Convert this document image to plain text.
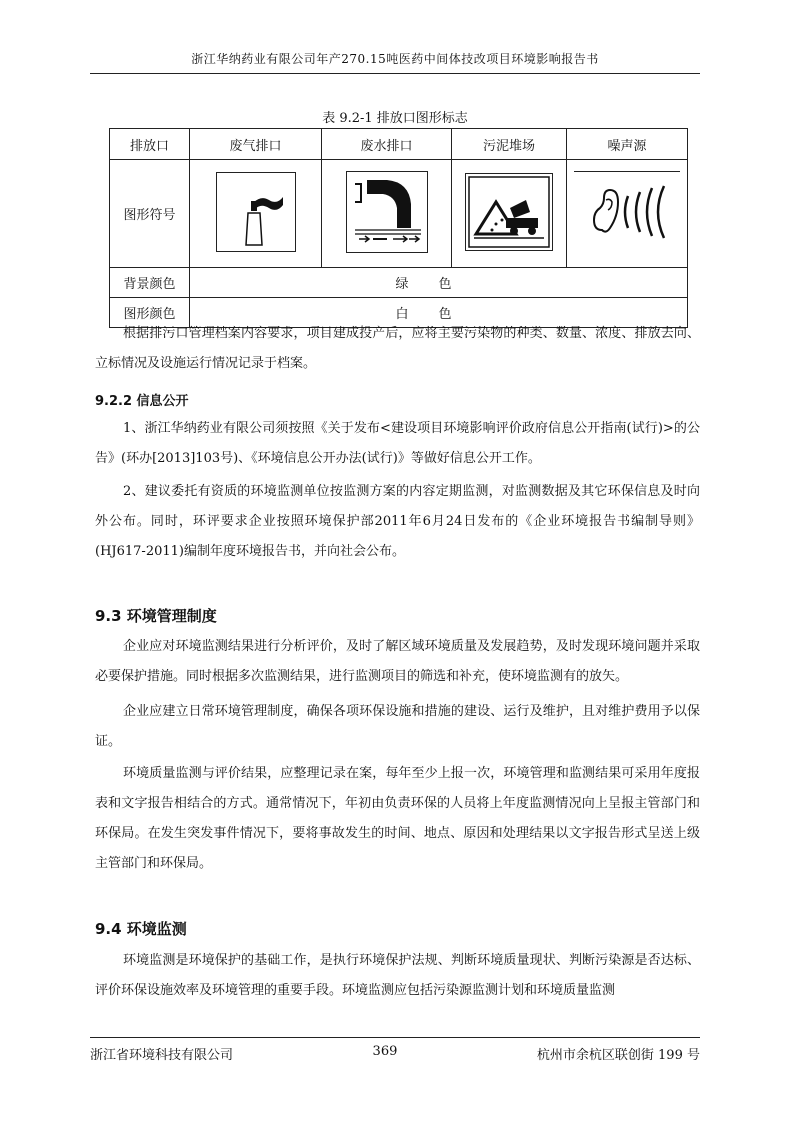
浙江华纳药业有限公司年产270.15吨医药中间体技改项目环境影响报告书
表 9.2-1 排放口图形标志
排放口	废气排口	废水排口	污泥堆场	噪声源
图形符号				
背景颜色	绿色			
图形颜色	白色			

根据排污口管理档案内容要求，项目建成投产后，应将主要污染物的种类、数量、浓度、排放去向、立标情况及设施运行情况记录于档案。

9.2.2 信息公开

1、浙江华纳药业有限公司须按照《关于发布<建设项目环境影响评价政府信息公开指南(试行)>的公告》(环办[2013]103号)、《环境信息公开办法(试行)》等做好信息公开工作。

2、建议委托有资质的环境监测单位按监测方案的内容定期监测，对监测数据及其它环保信息及时向外公布。同时，环评要求企业按照环境保护部2011年6月24日发布的《企业环境报告书编制导则》(HJ617-2011)编制年度环境报告书，并向社会公布。

9.3 环境管理制度

企业应对环境监测结果进行分析评价，及时了解区域环境质量及发展趋势，及时发现环境问题并采取必要保护措施。同时根据多次监测结果，进行监测项目的筛选和补充，使环境监测有的放矢。

企业应建立日常环境管理制度，确保各项环保设施和措施的建设、运行及维护，且对维护费用予以保证。

环境质量监测与评价结果，应整理记录在案，每年至少上报一次，环境管理和监测结果可采用年度报表和文字报告相结合的方式。通常情况下，年初由负责环保的人员将上年度监测情况向上呈报主管部门和环保局。在发生突发事件情况下，要将事故发生的时间、地点、原因和处理结果以文字报告形式呈送上级主管部门和环保局。

9.4 环境监测

环境监测是环境保护的基础工作，是执行环境保护法规、判断环境质量现状、判断污染源是否达标、评价环保设施效率及环境管理的重要手段。环境监测应包括污染源监测计划和环境质量监测

浙江省环境科技有限公司	369	杭州市余杭区联创街 199 号
